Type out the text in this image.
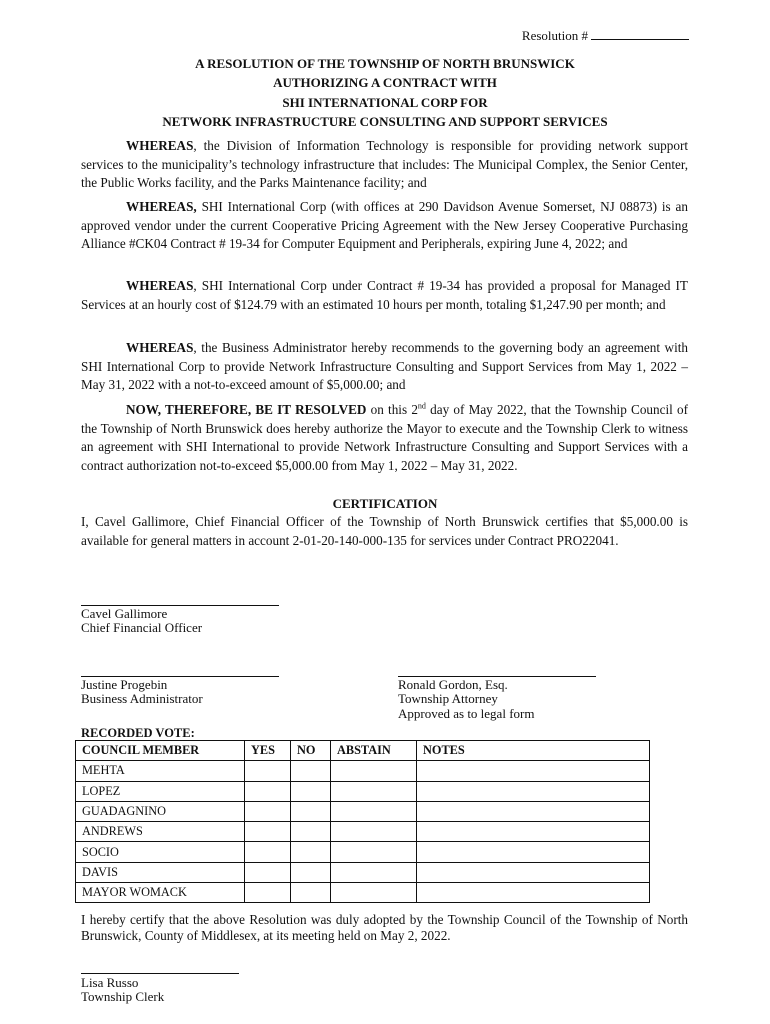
Resolution #
A RESOLUTION OF THE TOWNSHIP OF NORTH BRUNSWICK
AUTHORIZING A CONTRACT WITH
SHI INTERNATIONAL CORP FOR
NETWORK INFRASTRUCTURE CONSULTING AND SUPPORT SERVICES

WHEREAS, the Division of Information Technology is responsible for providing network support services to the municipality’s technology infrastructure that includes: The Municipal Complex, the Senior Center, the Public Works facility, and the Parks Maintenance facility; and

WHEREAS, SHI International Corp (with offices at 290 Davidson Avenue Somerset, NJ 08873) is an approved vendor under the current Cooperative Pricing Agreement with the New Jersey Cooperative Purchasing Alliance #CK04 Contract # 19-34 for Computer Equipment and Peripherals, expiring June 4, 2022; and

WHEREAS, SHI International Corp under Contract # 19-34 has provided a proposal for Managed IT Services at an hourly cost of $124.79 with an estimated 10 hours per month, totaling $1,247.90 per month; and

WHEREAS, the Business Administrator hereby recommends to the governing body an agreement with SHI International Corp to provide Network Infrastructure Consulting and Support Services from May 1, 2022 – May 31, 2022 with a not-to-exceed amount of $5,000.00; and

NOW, THEREFORE, BE IT RESOLVED on this 2nd day of May 2022, that the Township Council of the Township of North Brunswick does hereby authorize the Mayor to execute and the Township Clerk to witness an agreement with SHI International to provide Network Infrastructure Consulting and Support Services with a contract authorization not-to-exceed $5,000.00 from May 1, 2022 – May 31, 2022.

CERTIFICATION

I, Cavel Gallimore, Chief Financial Officer of the Township of North Brunswick certifies that $5,000.00 is available for general matters in account 2-01-20-140-000-135 for services under Contract PRO22041.

Cavel Gallimore
Chief Financial Officer
Justine Progebin
Business Administrator
Ronald Gordon, Esq.
Township Attorney
Approved as to legal form
RECORDED VOTE:
COUNCIL MEMBER	YES	NO	ABSTAIN	NOTES
MEHTA				
LOPEZ				
GUADAGNINO				
ANDREWS				
SOCIO				
DAVIS				
MAYOR WOMACK				

I hereby certify that the above Resolution was duly adopted by the Township Council of the Township of North Brunswick, County of Middlesex, at its meeting held on May 2, 2022.

Lisa Russo
Township Clerk
